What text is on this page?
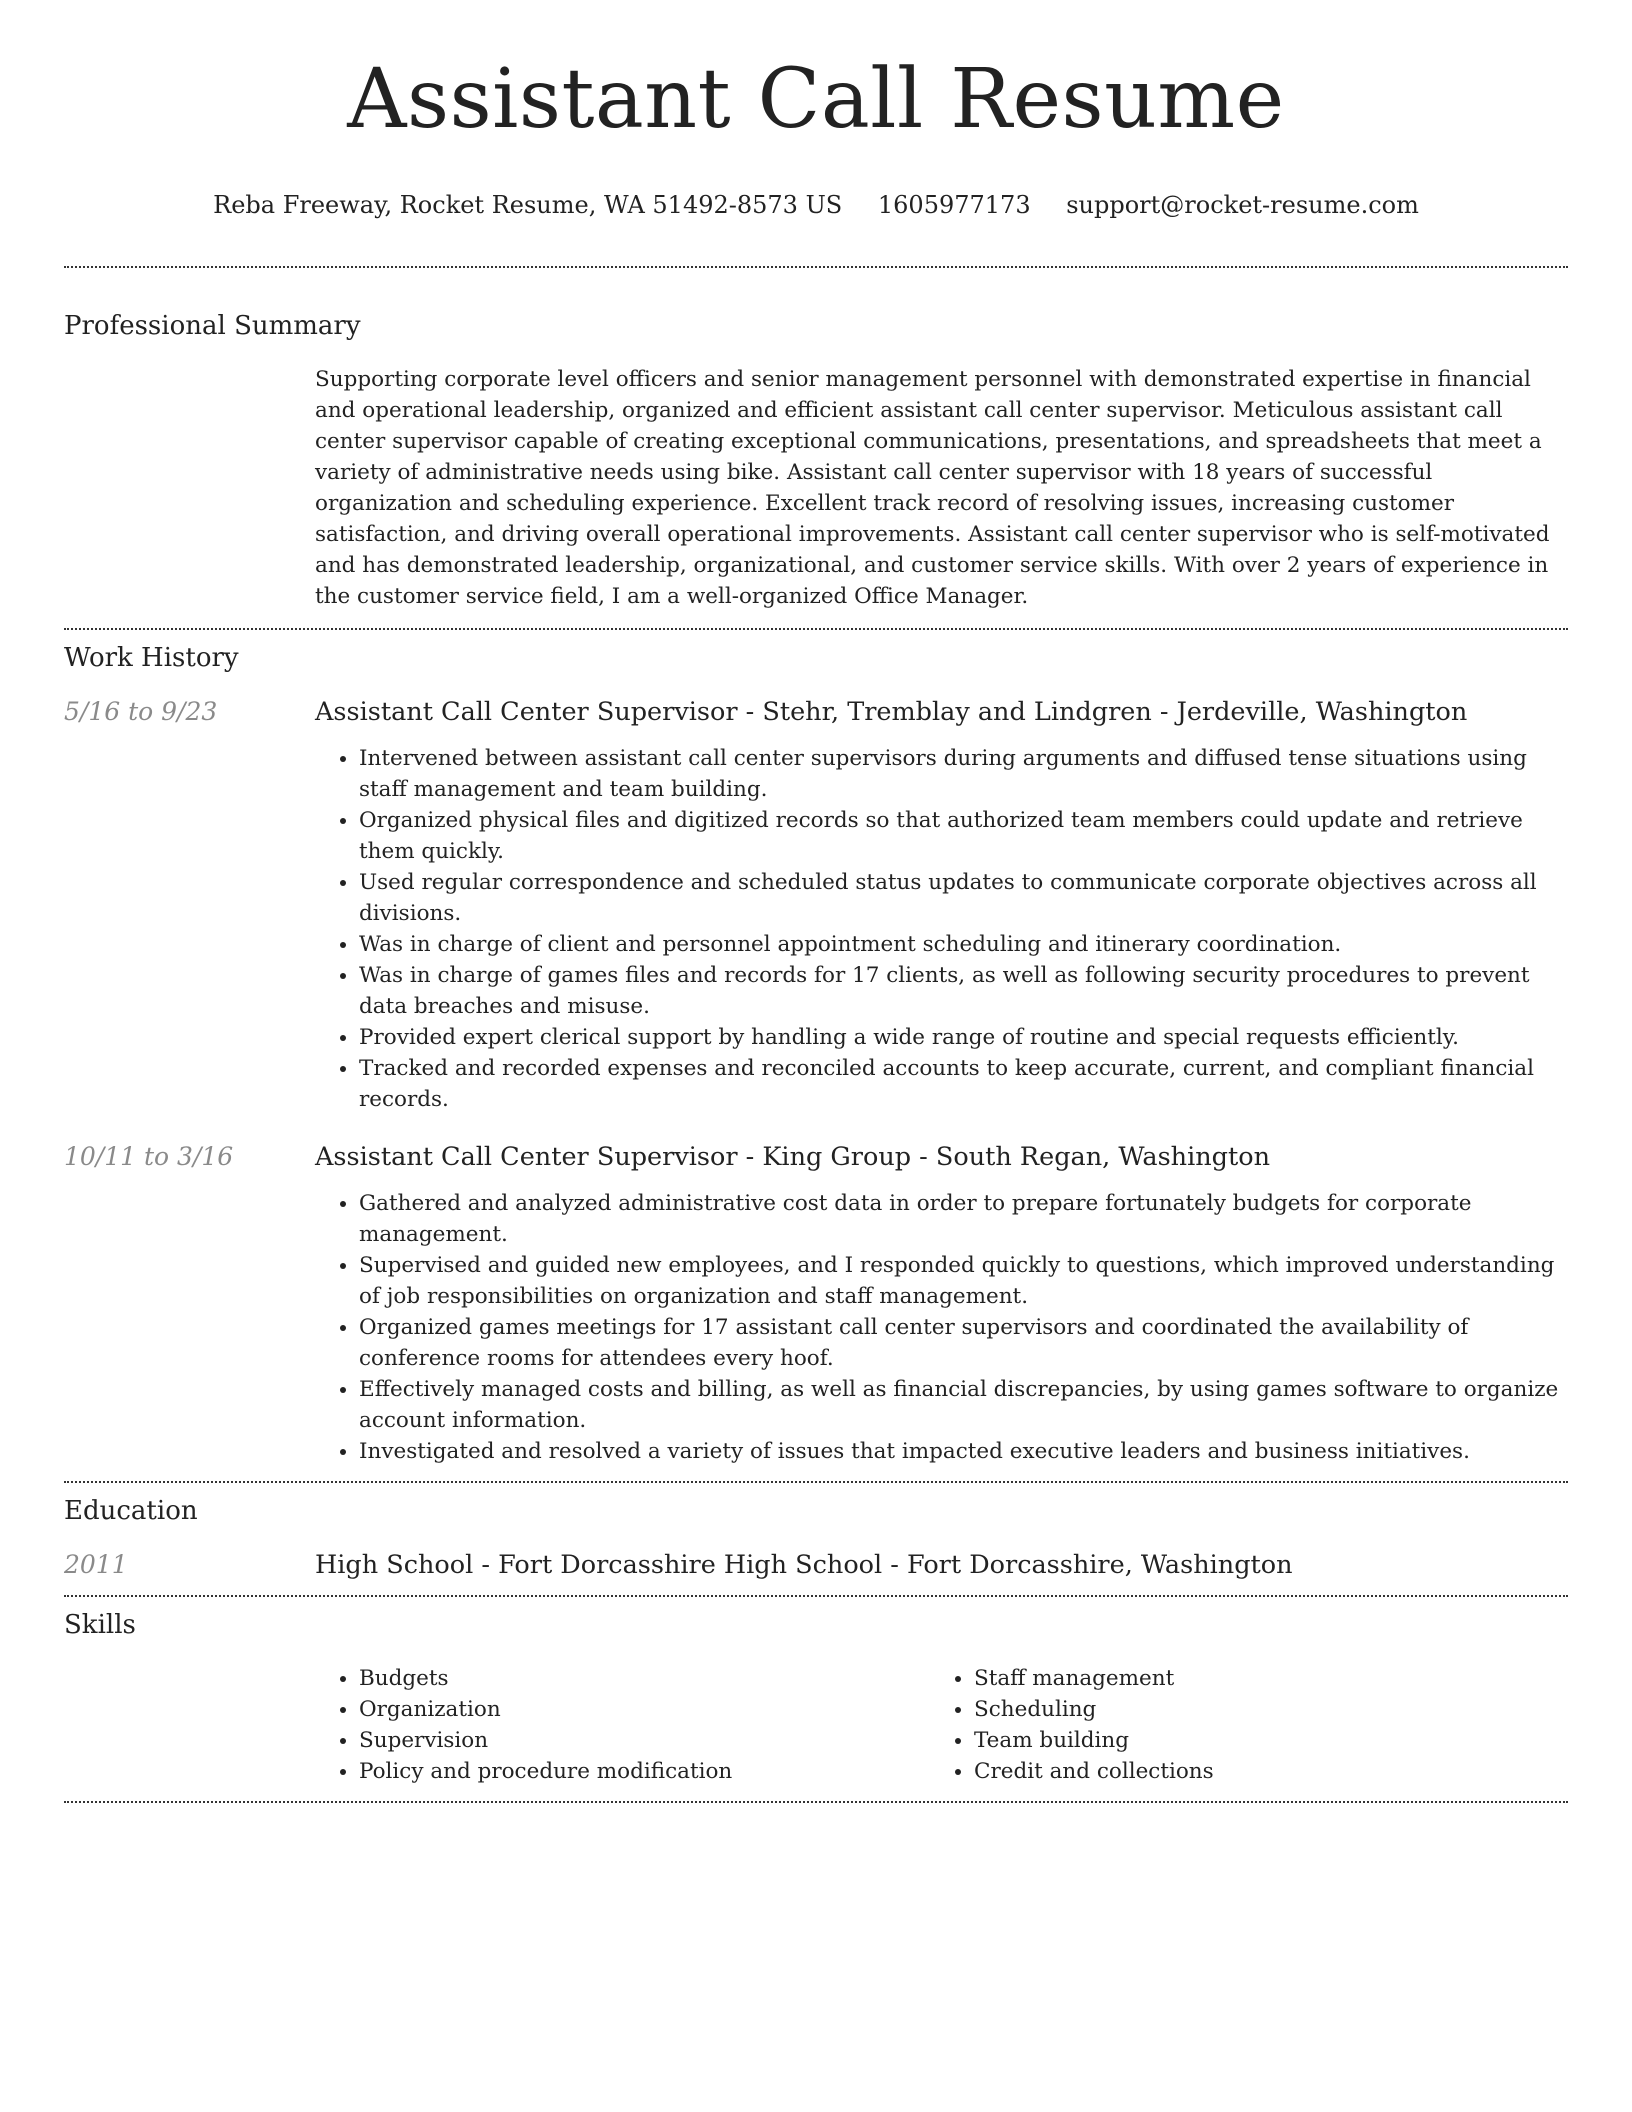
Assistant Call Resume
Reba Freeway, Rocket Resume, WA 51492-8573 US 1605977173 support@rocket-resume.com
Professional Summary
Supporting corporate level officers and senior management personnel with demonstrated expertise in financial and operational leadership, organized and efficient assistant call center supervisor. Meticulous assistant call center supervisor capable of creating exceptional communications, presentations, and spreadsheets that meet a variety of administrative needs using bike. Assistant call center supervisor with 18 years of successful organization and scheduling experience. Excellent track record of resolving issues, increasing customer satisfaction, and driving overall operational improvements. Assistant call center supervisor who is self-motivated and has demonstrated leadership, organizational, and customer service skills. With over 2 years of experience in the customer service field, I am a well-organized Office Manager.
Work History
5/16 to 9/23	Assistant Call Center Supervisor - Stehr, Tremblay and Lindgren - Jerdeville, Washington
• Intervened between assistant call center supervisors during arguments and diffused tense situations using staff management and team building.
• Organized physical files and digitized records so that authorized team members could update and retrieve them quickly.
• Used regular correspondence and scheduled status updates to communicate corporate objectives across all divisions.
• Was in charge of client and personnel appointment scheduling and itinerary coordination.
• Was in charge of games files and records for 17 clients, as well as following security procedures to prevent data breaches and misuse.
• Provided expert clerical support by handling a wide range of routine and special requests efficiently.
• Tracked and recorded expenses and reconciled accounts to keep accurate, current, and compliant financial records.
10/11 to 3/16	Assistant Call Center Supervisor - King Group - South Regan, Washington
• Gathered and analyzed administrative cost data in order to prepare fortunately budgets for corporate management.
• Supervised and guided new employees, and I responded quickly to questions, which improved understanding of job responsibilities on organization and staff management.
• Organized games meetings for 17 assistant call center supervisors and coordinated the availability of conference rooms for attendees every hoof.
• Effectively managed costs and billing, as well as financial discrepancies, by using games software to organize account information.
• Investigated and resolved a variety of issues that impacted executive leaders and business initiatives.
Education
2011	High School - Fort Dorcasshire High School - Fort Dorcasshire, Washington
Skills
• Budgets
• Organization
• Supervision
• Policy and procedure modification
• Staff management
• Scheduling
• Team building
• Credit and collections
